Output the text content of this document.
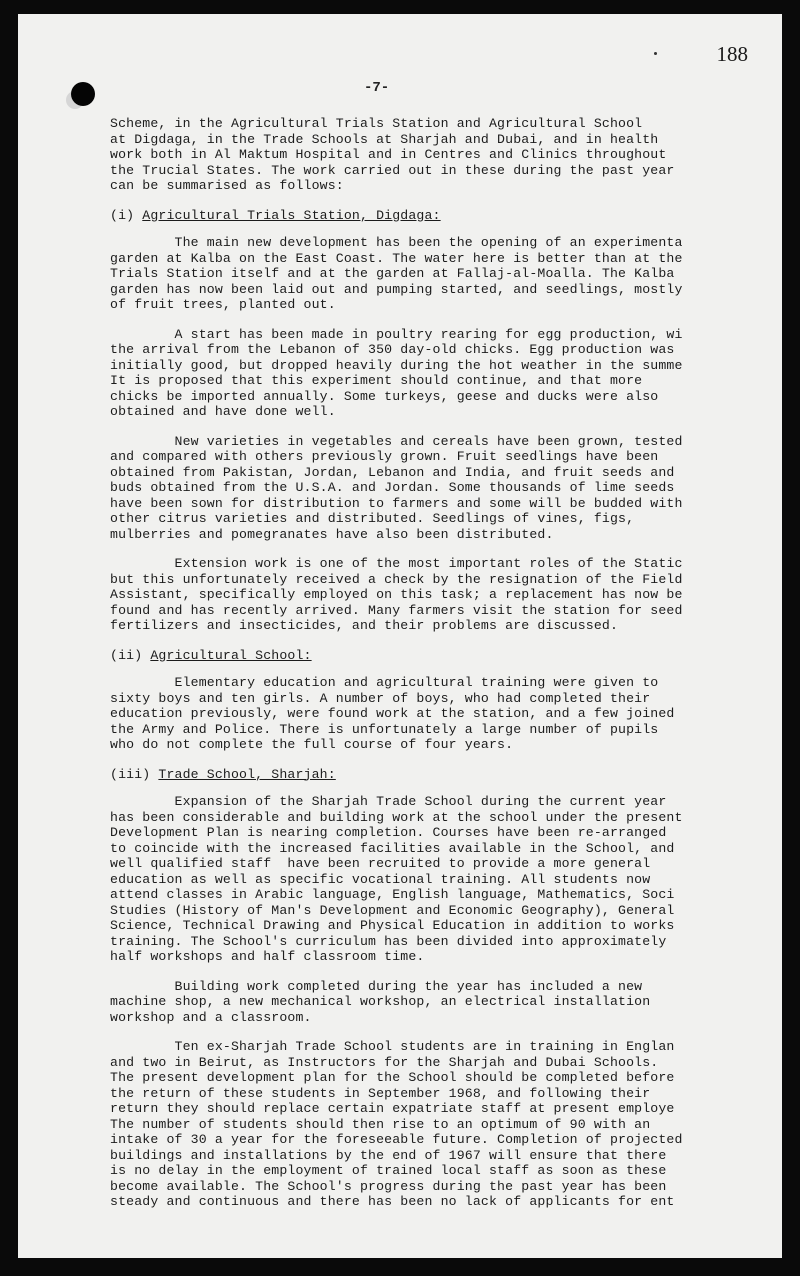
188
-7-
Scheme, in the Agricultural Trials Station and Agricultural School
at Digdaga, in the Trade Schools at Sharjah and Dubai, and in health
work both in Al Maktum Hospital and in Centres and Clinics throughout
the Trucial States. The work carried out in these during the past year
can be summarised as follows:
(i) Agricultural Trials Station, Digdaga:
The main new development has been the opening of an experimenta
garden at Kalba on the East Coast. The water here is better than at the
Trials Station itself and at the garden at Fallaj-al-Moalla. The Kalba
garden has now been laid out and pumping started, and seedlings, mostly
of fruit trees, planted out.
A start has been made in poultry rearing for egg production, wi
the arrival from the Lebanon of 350 day-old chicks. Egg production was
initially good, but dropped heavily during the hot weather in the summe
It is proposed that this experiment should continue, and that more
chicks be imported annually. Some turkeys, geese and ducks were also
obtained and have done well.
New varieties in vegetables and cereals have been grown, tested
and compared with others previously grown. Fruit seedlings have been
obtained from Pakistan, Jordan, Lebanon and India, and fruit seeds and
buds obtained from the U.S.A. and Jordan. Some thousands of lime seeds
have been sown for distribution to farmers and some will be budded with
other citrus varieties and distributed. Seedlings of vines, figs,
mulberries and pomegranates have also been distributed.
Extension work is one of the most important roles of the Static
but this unfortunately received a check by the resignation of the Field
Assistant, specifically employed on this task; a replacement has now be
found and has recently arrived. Many farmers visit the station for seed
fertilizers and insecticides, and their problems are discussed.
(ii) Agricultural School:
Elementary education and agricultural training were given to
sixty boys and ten girls. A number of boys, who had completed their
education previously, were found work at the station, and a few joined
the Army and Police. There is unfortunately a large number of pupils
who do not complete the full course of four years.
(iii) Trade School, Sharjah:
Expansion of the Sharjah Trade School during the current year
has been considerable and building work at the school under the present
Development Plan is nearing completion. Courses have been re-arranged
to coincide with the increased facilities available in the School, and
well qualified staff  have been recruited to provide a more general
education as well as specific vocational training. All students now
attend classes in Arabic language, English language, Mathematics, Soci
Studies (History of Man's Development and Economic Geography), General
Science, Technical Drawing and Physical Education in addition to works
training. The School's curriculum has been divided into approximately
half workshops and half classroom time.
Building work completed during the year has included a new
machine shop, a new mechanical workshop, an electrical installation
workshop and a classroom.
Ten ex-Sharjah Trade School students are in training in Englan
and two in Beirut, as Instructors for the Sharjah and Dubai Schools.
The present development plan for the School should be completed before
the return of these students in September 1968, and following their
return they should replace certain expatriate staff at present employe
The number of students should then rise to an optimum of 90 with an
intake of 30 a year for the foreseeable future. Completion of projected
buildings and installations by the end of 1967 will ensure that there
is no delay in the employment of trained local staff as soon as these
become available. The School's progress during the past year has been
steady and continuous and there has been no lack of applicants for ent
